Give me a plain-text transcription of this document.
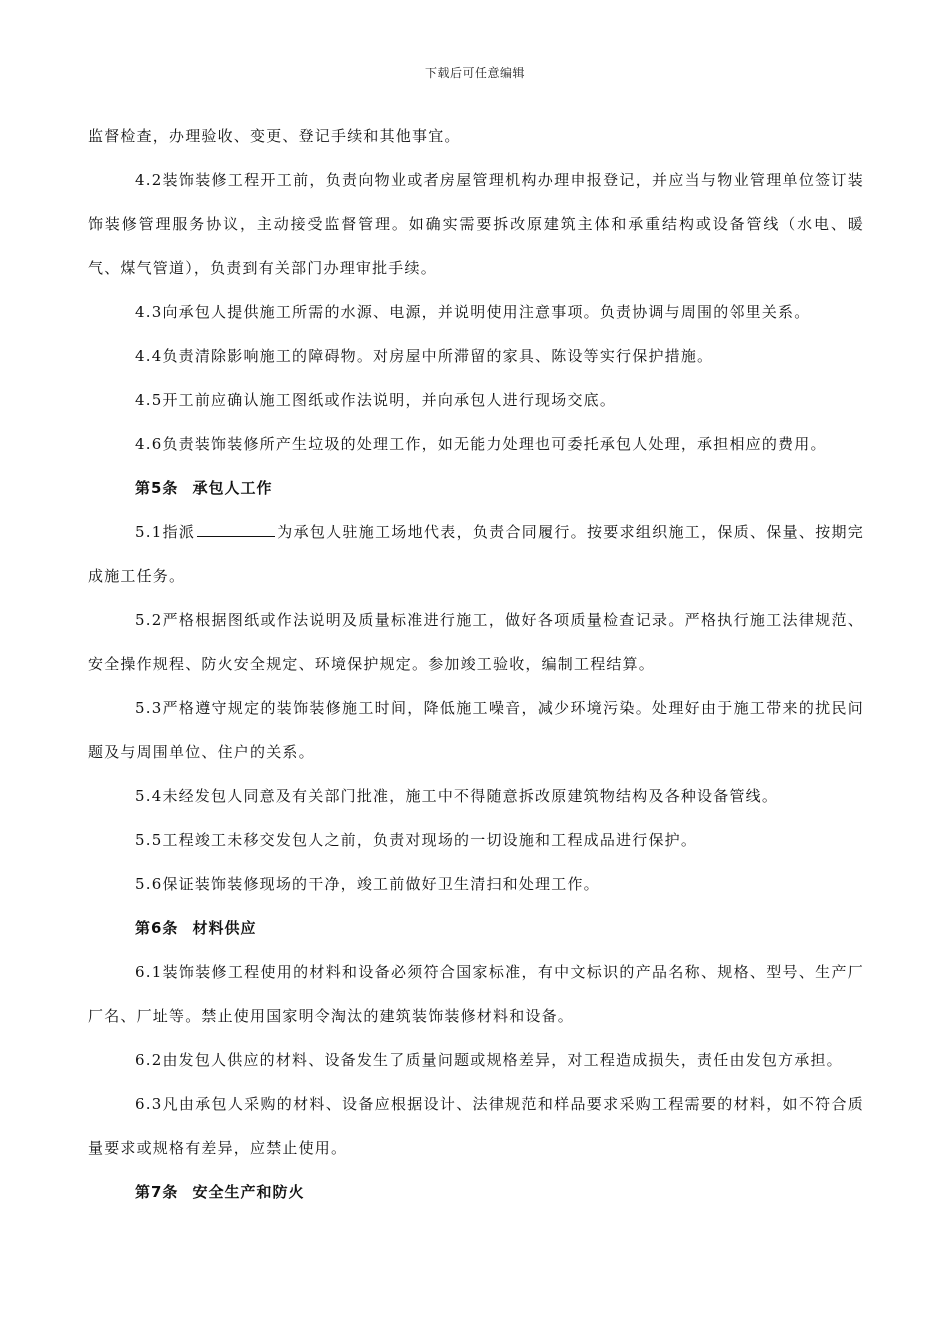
下载后可任意编辑

监督检查，办理验收、变更、登记手续和其他事宜。

4.2装饰装修工程开工前，负责向物业或者房屋管理机构办理申报登记，并应当与物业管理单位签订装饰装修管理服务协议，主动接受监督管理。如确实需要拆改原建筑主体和承重结构或设备管线（水电、暖气、煤气管道），负责到有关部门办理审批手续。

4.3向承包人提供施工所需的水源、电源，并说明使用注意事项。负责协调与周围的邻里关系。

4.4负责清除影响施工的障碍物。对房屋中所滞留的家具、陈设等实行保护措施。

4.5开工前应确认施工图纸或作法说明，并向承包人进行现场交底。

4.6负责装饰装修所产生垃圾的处理工作，如无能力处理也可委托承包人处理，承担相应的费用。

第5条 承包人工作

5.1指派	为承包人驻施工场地代表，负责合同履行。按要求组织施工，保质、保量、按期完成施工任务。

5.2严格根据图纸或作法说明及质量标准进行施工，做好各项质量检查记录。严格执行施工法律规范、安全操作规程、防火安全规定、环境保护规定。参加竣工验收，编制工程结算。

5.3严格遵守规定的装饰装修施工时间，降低施工噪音，减少环境污染。处理好由于施工带来的扰民问题及与周围单位、住户的关系。

5.4未经发包人同意及有关部门批准，施工中不得随意拆改原建筑物结构及各种设备管线。

5.5工程竣工未移交发包人之前，负责对现场的一切设施和工程成品进行保护。

5.6保证装饰装修现场的干净，竣工前做好卫生清扫和处理工作。

第6条 材料供应

6.1装饰装修工程使用的材料和设备必须符合国家标准，有中文标识的产品名称、规格、型号、生产厂厂名、厂址等。禁止使用国家明令淘汰的建筑装饰装修材料和设备。

6.2由发包人供应的材料、设备发生了质量问题或规格差异，对工程造成损失，责任由发包方承担。

6.3凡由承包人采购的材料、设备应根据设计、法律规范和样品要求采购工程需要的材料，如不符合质量要求或规格有差异，应禁止使用。

第7条 安全生产和防火
